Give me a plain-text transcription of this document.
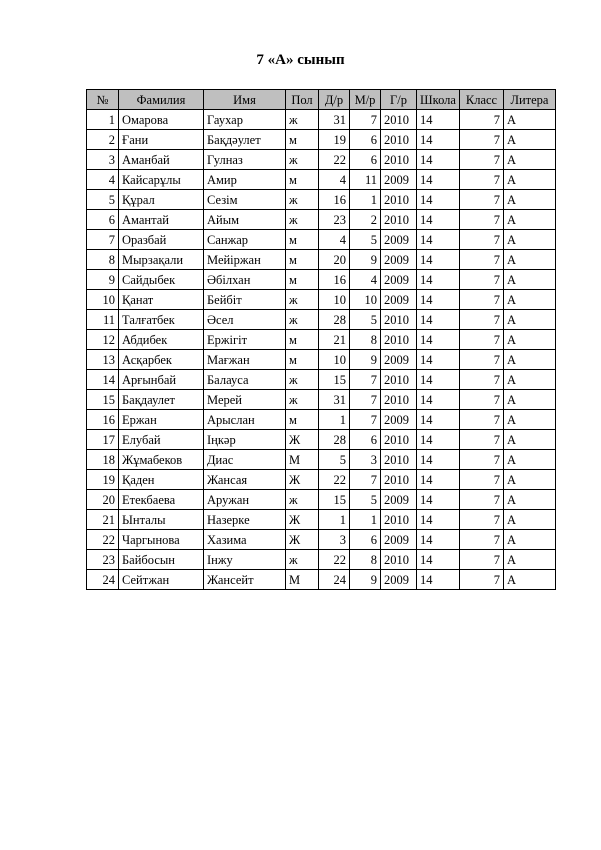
7 «А» сынып
№	Фамилия	Имя	Пол	Д/р	М/р	Г/р	Школа	Класс	Литера
1	Омарова	Гаухар	ж	31	7	2010	14	7	А
2	Ғани	Бақдәулет	м	19	6	2010	14	7	А
3	Аманбай	Гулназ	ж	22	6	2010	14	7	А
4	Кайсарұлы	Амир	м	4	11	2009	14	7	А
5	Құрал	Сезім	ж	16	1	2010	14	7	А
6	Амантай	Айым	ж	23	2	2010	14	7	А
7	Оразбай	Санжар	м	4	5	2009	14	7	А
8	Мырзақали	Мейіржан	м	20	9	2009	14	7	А
9	Сайдыбек	Әбілхан	м	16	4	2009	14	7	А
10	Қанат	Бейбіт	ж	10	10	2009	14	7	А
11	Талғатбек	Әсел	ж	28	5	2010	14	7	А
12	Абдибек	Ержігіт	м	21	8	2010	14	7	А
13	Асқарбек	Мағжан	м	10	9	2009	14	7	А
14	Арғынбай	Балауса	ж	15	7	2010	14	7	А
15	Бақдаулет	Мерей	ж	31	7	2010	14	7	А
16	Ержан	Арыслан	м	1	7	2009	14	7	А
17	Елубай	Іңкәр	Ж	28	6	2010	14	7	А
18	Жұмабеков	Диас	М	5	3	2010	14	7	А
19	Қаден	Жансая	Ж	22	7	2010	14	7	А
20	Етекбаева	Аружан	ж	15	5	2009	14	7	А
21	Ынталы	Назерке	Ж	1	1	2010	14	7	А
22	Чаргынова	Хазима	Ж	3	6	2009	14	7	А
23	Байбосын	Інжу	ж	22	8	2010	14	7	А
24	Сейтжан	Жансейт	М	24	9	2009	14	7	А
